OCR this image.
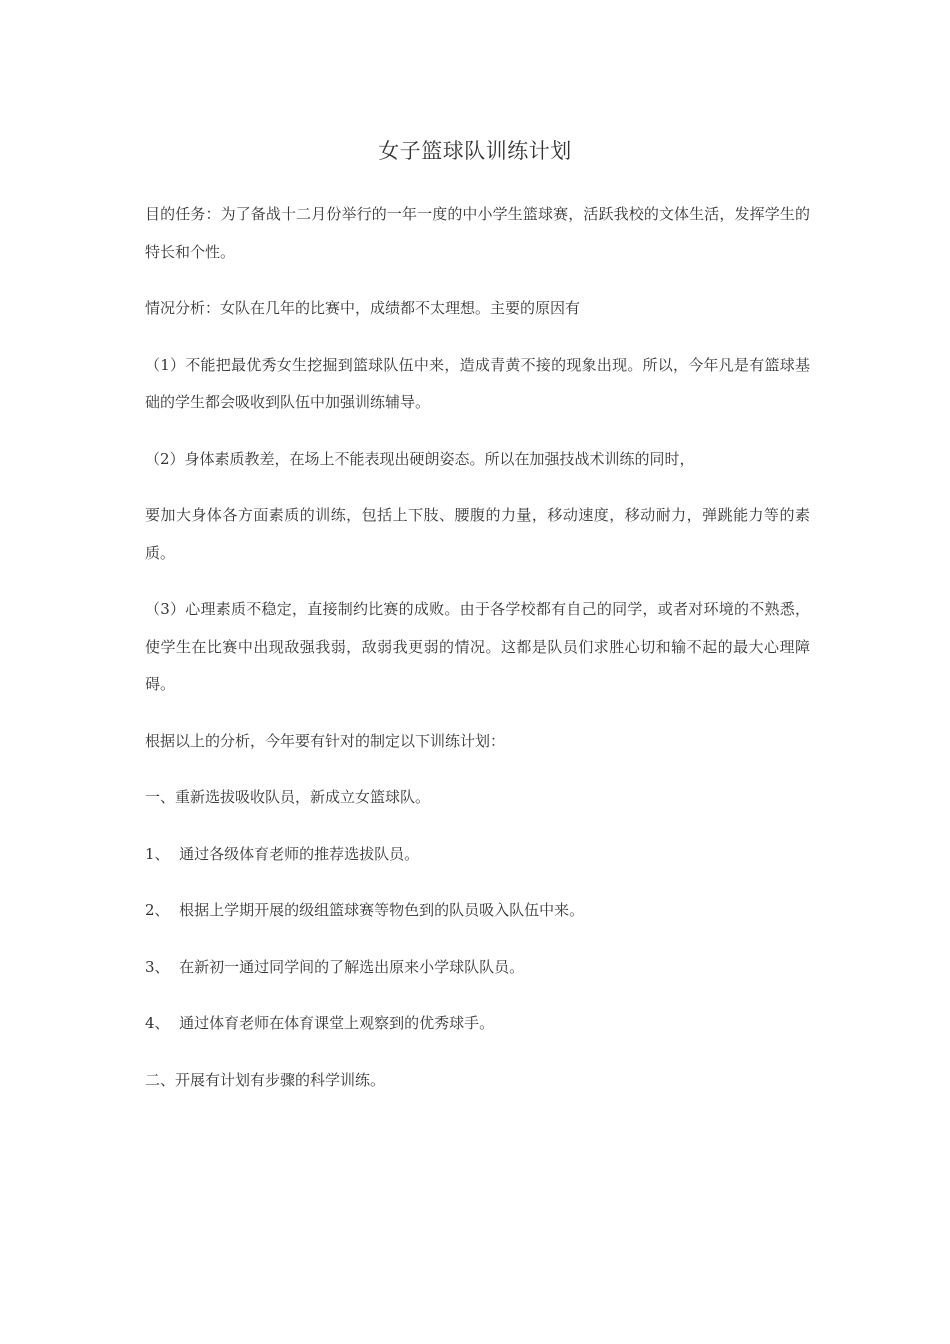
女子篮球队训练计划

目的任务：为了备战十二月份举行的一年一度的中小学生篮球赛，活跃我校的文体生活，发挥学生的特长和个性。

情况分析：女队在几年的比赛中，成绩都不太理想。主要的原因有

（1）不能把最优秀女生挖掘到篮球队伍中来，造成青黄不接的现象出现。所以，今年凡是有篮球基础的学生都会吸收到队伍中加强训练辅导。

（2）身体素质教差，在场上不能表现出硬朗姿态。所以在加强技战术训练的同时，

要加大身体各方面素质的训练，包括上下肢、腰腹的力量，移动速度，移动耐力，弹跳能力等的素质。

（3）心理素质不稳定，直接制约比赛的成败。由于各学校都有自己的同学，或者对环境的不熟悉，使学生在比赛中出现敌强我弱，敌弱我更弱的情况。这都是队员们求胜心切和输不起的最大心理障碍。

根据以上的分析，今年要有针对的制定以下训练计划：

一、重新选拔吸收队员，新成立女篮球队。

1、  通过各级体育老师的推荐选拔队员。

2、  根据上学期开展的级组篮球赛等物色到的队员吸入队伍中来。

3、  在新初一通过同学间的了解选出原来小学球队队员。

4、  通过体育老师在体育课堂上观察到的优秀球手。

二、开展有计划有步骤的科学训练。
